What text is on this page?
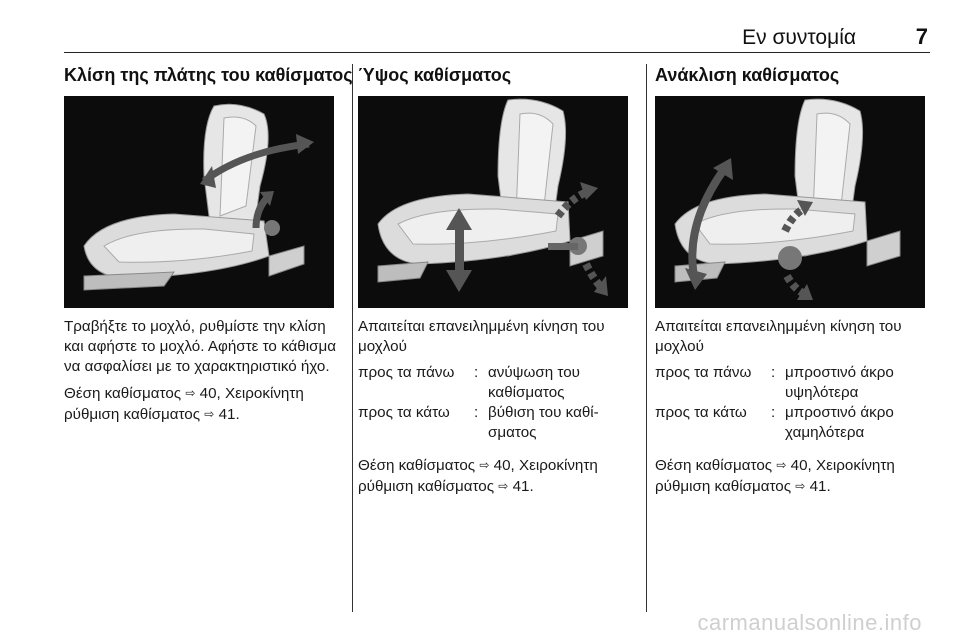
Εν συντομία	7
Κλίση της πλάτης του καθίσματος

Τραβήξτε το μοχλό, ρυθμίστε την κλίση και αφήστε το μοχλό. Αφήστε το κάθισμα να ασφαλίσει με το χαρακτηριστικό ήχο.

Θέση καθίσματος ⇨ 40, Χειροκίνητη ρύθμιση καθίσματος ⇨ 41.

Ύψος καθίσματος

Απαιτείται επανειλημμένη κίνηση του μοχλού

προς τα πάνω	:	ανύψωση του καθίσματος
προς τα κάτω	:	βύθιση του καθίσματος

Θέση καθίσματος ⇨ 40, Χειροκίνητη ρύθμιση καθίσματος ⇨ 41.

Ανάκλιση καθίσματος

Απαιτείται επανειλημμένη κίνηση του μοχλού

προς τα πάνω	:	μπροστινό άκρο υψηλότερα
προς τα κάτω	:	μπροστινό άκρο χαμηλότερα

Θέση καθίσματος ⇨ 40, Χειροκίνητη ρύθμιση καθίσματος ⇨ 41.

carmanualsonline.info
